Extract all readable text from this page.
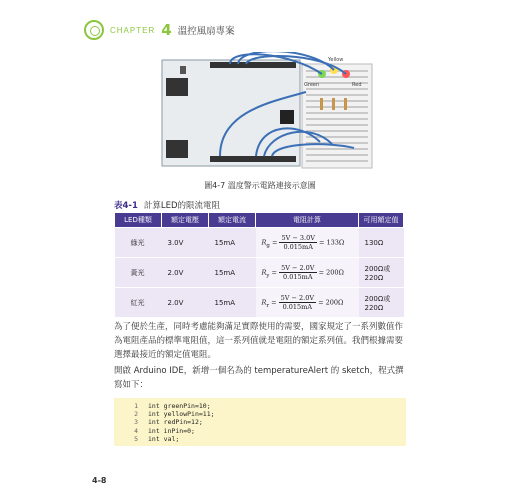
CHAPTER 4 溫控風扇專案
Yellow
Green	Red
圖4-7 溫度警示電路連接示意圖
表4-1 計算LED的限流電阻
LED種類	額定電壓	額定電流	電阻計算	可用額定值
綠光	3.0V	15mA	$R_g = \frac{5V - 3.0V}{0.015mA} = 133\Omega$	130Ω
黃光	2.0V	15mA	$R_y = \frac{5V - 2.0V}{0.015mA} = 200\Omega$	200Ω或220Ω
紅光	2.0V	15mA	$R_r = \frac{5V - 2.0V}{0.015mA} = 200\Omega$	200Ω或220Ω
為了便於生產，同時考慮能夠滿足實際使用的需要，國家規定了一系列數值作為電阻產品的標準電阻值，這一系列值就是電阻的額定系列值。我們根據需要選擇最接近的額定值電阻。
開啟 Arduino IDE，新增一個名為的 temperatureAlert 的 sketch，程式撰寫如下：
1 int greenPin=10;
2 int yellowPin=11;
3 int redPin=12;
4 int inPin=0;
5 int val;
4-8
